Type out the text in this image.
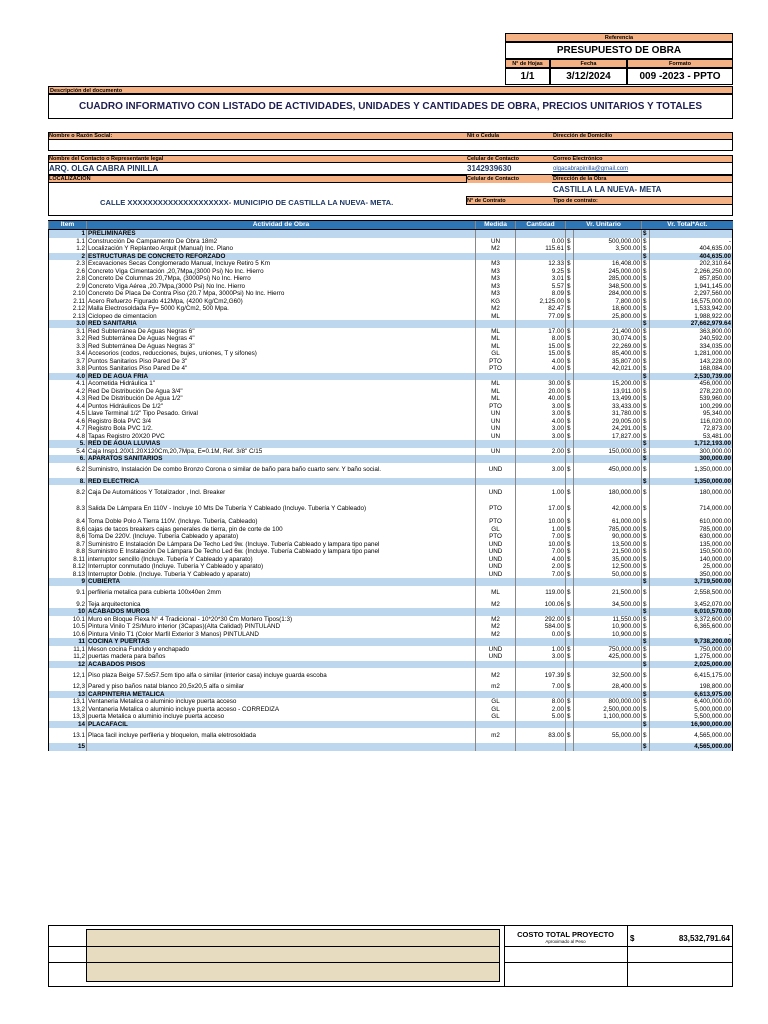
Referencia
PRESUPUESTO DE OBRA
N° de Hojas	Fecha	Formato
1/1	3/12/2024	009 -2023 - PPTO
Descripción del documento
CUADRO INFORMATIVO CON LISTADO DE ACTIVIDADES, UNIDADES Y CANTIDADES DE OBRA, PRECIOS UNITARIOS Y TOTALES
Nombre o Razón Social:	Nit o Cedula	Dirección de Domicilio
Nombre del Contacto o Representante legal	Celular de Contacto	Correo Electrónico
ARQ. OLGA CABRA PINILLA	3142939630	olgacabrapinilla@gmail.com
LOCALIZACION	Celular de Contacto	Dirección de la Obra
CASTILLA LA NUEVA- META
CALLE XXXXXXXXXXXXXXXXXXXX- MUNICIPIO DE CASTILLA LA NUEVA- META.	N° de Contrato	Tipo de contrato:
Item	Actividad de Obra	Medida	Cantidad	Vr. Unitario		Vr. Total*Act.	
1	PRELIMINARES					$	
1.1	Construcción De Campamento De Obra 18m2	UN	0.00	$	500,000.00	$	-
1.2	Localización Y Replanteo Arquit (Manual) Inc. Plano	M2	115.61	$	3,500.00	$	404,635.00
2	ESTRUCTURAS DE CONCRETO REFORZADO					$	404,635.00
2.3	Excavaciones Secas Conglomerado Manual, Incluye Retiro 5 Km	M3	12.33	$	16,408.00	$	202,310.64
2.6	Concreto Viga Cimentación ,20,7Mpa,(3000 Psi) No Inc. Hierro	M3	9.25	$	245,000.00	$	2,266,250.00
2.8	Concreto De Columnas 20,7Mpa, (3000Psi) No Inc. Hierro	M3	3.01	$	285,000.00	$	857,850.00
2.9	Concreto Viga Aérea ,20.7Mpa,(3000 Psi) No Inc. Hierro	M3	5.57	$	348,500.00	$	1,941,145.00
2.10	Concreto De Placa De Contra Piso (20.7 Mpa, 3000Psi) No Inc. Hierro	M3	8.09	$	284,000.00	$	2,297,560.00
2.11	Acero Refuerzo Figurado 412Mpa, (4200 Kg/Cm2,G60)	KG	2,125.00	$	7,800.00	$	16,575,000.00
2.12	Malla Electrosoldada Fy= 5000 Kg/Cm2, 500 Mpa.	M2	82.47	$	18,600.00	$	1,533,942.00
2.13	Ciclopeo de cimentacion	ML	77.09	$	25,800.00	$	1,988,922.00
3.0	RED SANITARIA					$	27,662,979.64
3.1	Red Subterránea De Aguas Negras 6"	ML	17.00	$	21,400.00	$	363,800.00
3.2	Red Subterránea De Aguas Negras 4"	ML	8.00	$	30,074.00	$	240,592.00
3.3	Red Subterránea De Aguas Negras 3"	ML	15.00	$	22,269.00	$	334,035.00
3.4	Accesorios (codos, reducciones, bujes, uniones, T y sifones)	GL	15.00	$	85,400.00	$	1,281,000.00
3.7	Puntos Sanitarios Piso Pared De 3"	PTO	4.00	$	35,807.00	$	143,228.00
3.8	Puntos Sanitarios Piso Pared De 4"	PTO	4.00	$	42,021.00	$	168,084.00
4.0	RED DE AGUA FRIA					$	2,530,739.00
4.1	Acometida Hidráulica 1"	ML	30.00	$	15,200.00	$	456,000.00
4.2	Red De Distribución De Agua 3/4"	ML	20.00	$	13,911.00	$	278,220.00
4.3	Red De Distribución De Agua 1/2"	ML	40.00	$	13,499.00	$	539,960.00
4.4	Puntos Hidráulicos De 1/2"	PTO	3.00	$	33,433.00	$	100,299.00
4.5	Llave Terminal 1/2" Tipo Pesado. Grival	UN	3.00	$	31,780.00	$	95,340.00
4.6	Registro Bola PVC 3/4	UN	4.00	$	29,005.00	$	116,020.00
4.7	Registro Bola PVC 1/2.	UN	3.00	$	24,291.00	$	72,873.00
4.8	Tapas Registro 20X20 PVC	UN	3.00	$	17,827.00	$	53,481.00
5.	RED DE AGUA LLUVIAS					$	1,712,193.00
5.4	Caja Insp1.20X1.20X120Cm,20,7Mpa, E=0.1M, Ref. 3/8" C/15	UN	2.00	$	150,000.00	$	300,000.00
6.	APARATOS SANITARIOS					$	300,000.00
6.2	Suministro, Instalación De combo Bronzo Corona o similar de baño para baño cuarto serv. Y baño social.	UND	3.00	$	450,000.00	$	1,350,000.00
8.	RED ELECTRICA					$	1,350,000.00
8.2	Caja De Automáticos Y Totalizador , Incl. Breaker	UND	1.00	$	180,000.00	$	180,000.00
8.3	Salida De Lámpara En 110V - Incluye 10 Mts De Tubería Y Cableado (Incluye. Tubería Y Cableado)	PTO	17.00	$	42,000.00	$	714,000.00
8.4	Toma Doble Polo A Tierra 110V. (Incluye. Tubería, Cableado)	PTO	10.00	$	61,000.00	$	610,000.00
8,6	cajas de tacos breakers cajas generales de tierra, pin de corte de 100	GL	1.00	$	785,000.00	$	785,000.00
8,6	Toma De 220V. (Incluye. Tubería Cableado y aparato)	PTO	7.00	$	90,000.00	$	630,000.00
8.7	Suministro E Instalación De Lámpara De Techo Led 9w. (Incluye. Tubería Cableado y lampara tipo panel	UND	10.00	$	13,500.00	$	135,000.00
8.8	Suministro E Instalación De Lámpara De Techo Led 6w. (Incluye. Tubería Cableado y lampara tipo panel	UND	7.00	$	21,500.00	$	150,500.00
8.11	interruptor sencillo (Incluye. Tubería Y Cableado y aparato)	UND	4.00	$	35,000.00	$	140,000.00
8.12	Interruptor conmutado (Incluye. Tubería Y Cableado y aparato)	UND	2.00	$	12,500.00	$	25,000.00
8.13	Interruptor Doble. (Incluye. Tubería Y Cableado y aparato)	UND	7.00	$	50,000.00	$	350,000.00
9	CUBIERTA					$	3,719,500.00
9.1	perfileria metalica para cubierta 100x40en 2mm	ML	119.00	$	21,500.00	$	2,558,500.00
9.2	Teja arquitectonica	M2	100.06	$	34,500.00	$	3,452,070.00
10	ACABADOS MUROS					$	6,010,570.00
10.1	Muro en Bloque Flexa N° 4 Tradicional - 10*20*30 Cm Mortero Tipos(1:3)	M2	292.00	$	11,550.00	$	3,372,600.00
10.5	Pintura Vinilo T 2S/Muro interior (3Capas)(Alta Calidad) PINTULAND	M2	584.00	$	10,900.00	$	6,365,600.00
10.6	Pintura Vinilo T1 (Color Marfil Exterior 3 Manos) PINTULAND	M2	0.00	$	10,900.00	$	-
11	COCINA Y PUERTAS					$	9,738,200.00
11,1	Meson cocina Fundido y enchapado	UND	1.00	$	750,000.00	$	750,000.00
11,2	puertas madera para baños	UND	3.00	$	425,000.00	$	1,275,000.00
12	ACABADOS PISOS					$	2,025,000.00
12,1	Piso plaza Beige 57.5x57.5cm tipo alfa o similar (interior casa) incluye guarda escoba	M2	197.39	$	32,500.00	$	6,415,175.00
12,3	Pared y piso baños natal blanco 20,5x20,5 alfa o similar	m2	7.00	$	28,400.00	$	198,800.00
13	CARPINTERIA METALICA					$	6,613,975.00
13,1	Ventaneria Metalica o aluminio incluye puerta acceso	GL	8.00	$	800,000.00	$	6,400,000.00
13,2	Ventaneria Metalica o aluminio incluye puerta acceso - CORREDIZA	GL	2.00	$	2,500,000.00	$	5,000,000.00
13,3	puerta Metalica o aluminio incluye puerta acceso	GL	5.00	$	1,100,000.00	$	5,500,000.00
14	PLACAFACIL					$	16,900,000.00
13.1	Placa facil incluye perfileria y bloquelon, malla eletrosoldada	m2	83.00	$	55,000.00	$	4,565,000.00
15						$	4,565,000.00
COSTO TOTAL PROYECTO
Aproximado al Peso	$	83,532,791.64
